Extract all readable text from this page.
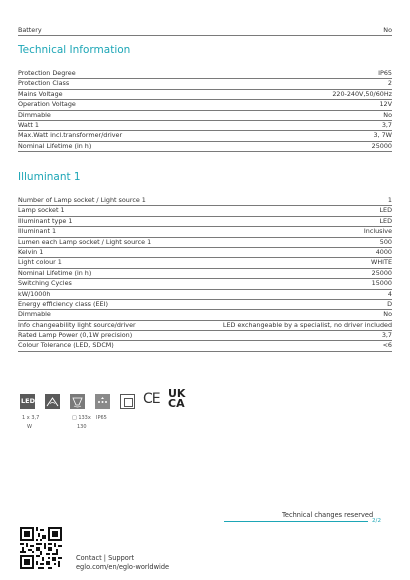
Battery	No
Technical Information
Protection Degree	IP65
Protection Class	2
Mains Voltage	220-240V,50/60Hz
Operation Voltage	12V
Dimmable	No
Watt 1	3,7
Max.Watt incl.transformer/driver	3, 7W
Nominal Lifetime (in h)	25000
Illuminant 1
Number of Lamp socket / Light source 1	1
Lamp socket 1	LED
Illuminant type 1	LED
Illuminant 1	Inclusive
Lumen each Lamp socket / Light source 1	500
Kelvin 1	4000
Light colour 1	WHITE
Nominal Lifetime (in h)	25000
Switching Cycles	15000
kW/1000h	4
Energy efficiency class (EEI)	D
Dimmable	No
Info changeability light source/driver	LED exchangeable by a specialist, no driver included
Rated Lamp Power (0,1W precision)	3,7
Colour Tolerance (LED, SDCM)	<6
LED	CE UK
CA
1 x 3,7
W
□ 133x
130
IP65
Technical changes reserved
2/2
Contact | Support
eglo.com/en/eglo-worldwide
